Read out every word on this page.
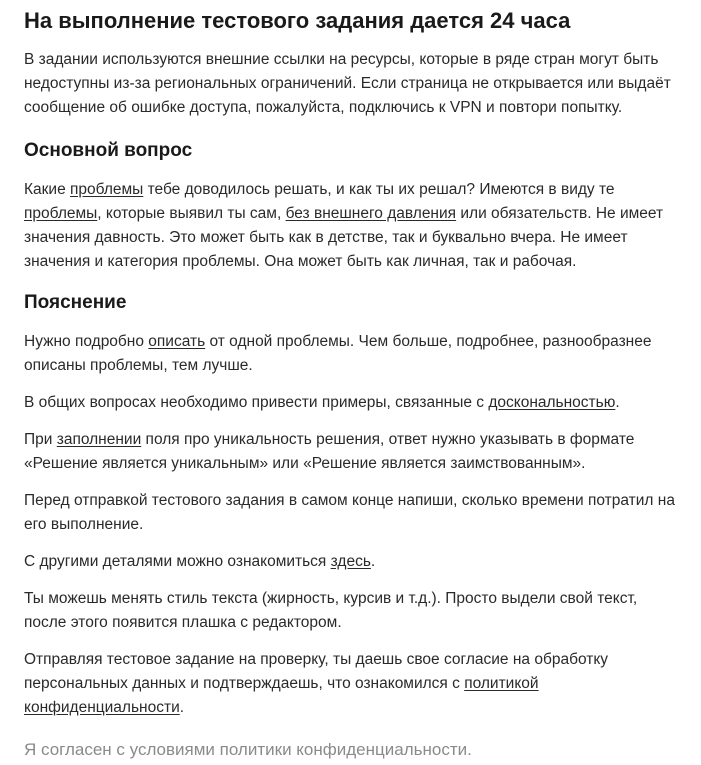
На выполнение тестового задания дается 24 часа

В задании используются внешние ссылки на ресурсы, которые в ряде стран могут быть недоступны из-за региональных ограничений. Если страница не открывается или выдаёт сообщение об ошибке доступа, пожалуйста, подключись к VPN и повтори попытку.

Основной вопрос

Какие проблемы тебе доводилось решать, и как ты их решал? Имеются в виду те проблемы, которые выявил ты сам, без внешнего давления или обязательств. Не имеет значения давность. Это может быть как в детстве, так и буквально вчера. Не имеет значения и категория проблемы. Она может быть как личная, так и рабочая.

Пояснение

Нужно подробно описать от одной проблемы. Чем больше, подробнее, разнообразнее описаны проблемы, тем лучше.

В общих вопросах необходимо привести примеры, связанные с доскональностью.

При заполнении поля про уникальность решения, ответ нужно указывать в формате «Решение является уникальным» или «Решение является заимствованным».

Перед отправкой тестового задания в самом конце напиши, сколько времени потратил на его выполнение.

С другими деталями можно ознакомиться здесь.

Ты можешь менять стиль текста (жирность, курсив и т.д.). Просто выдели свой текст, после этого появится плашка с редактором.

Отправляя тестовое задание на проверку, ты даешь свое согласие на обработку персональных данных и подтверждаешь, что ознакомился с политикой конфиденциальности.

Я согласен с условиями политики конфиденциальности.
